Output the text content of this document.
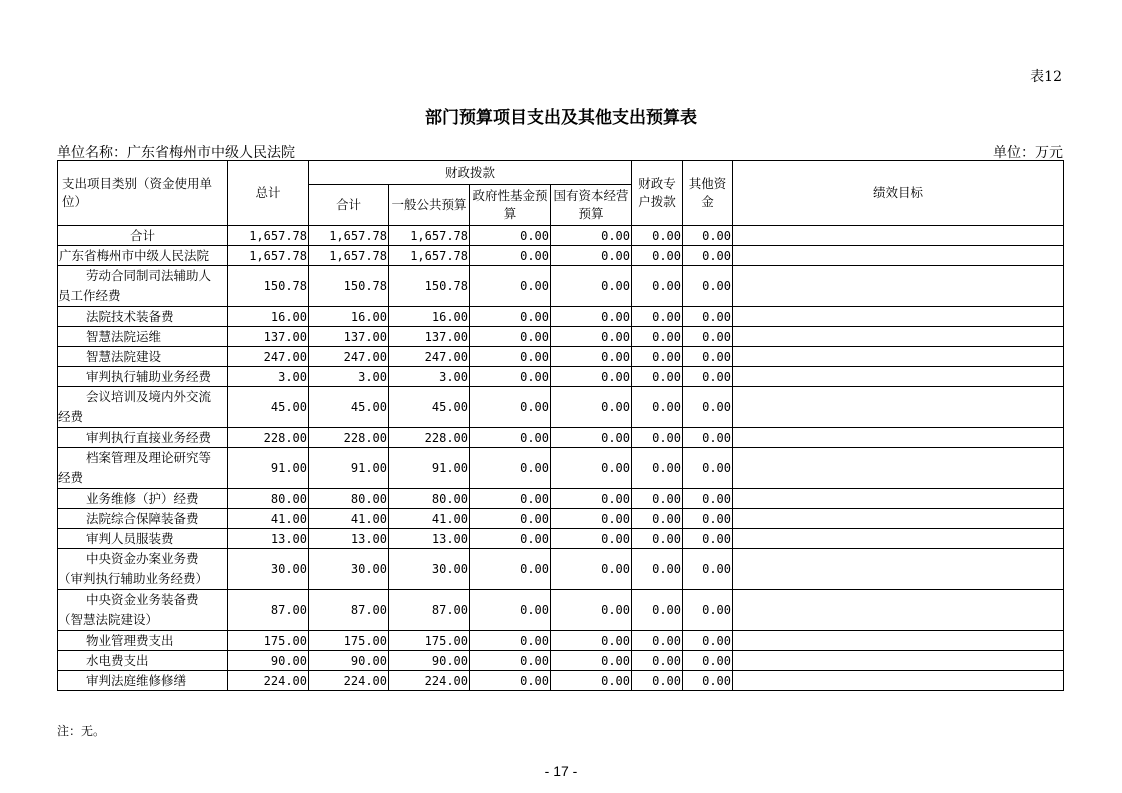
表12
部门预算项目支出及其他支出预算表
单位名称：广东省梅州市中级人民法院	单位：万元
支出项目类别（资金使用单位）	总计	财政拨款				财政专户拨款	其他资金	绩效目标
		合计	一般公共预算	政府性基金预算	国有资本经营预算			
合计	1,657.78	1,657.78	1,657.78	0.00	0.00	0.00	0.00	
广东省梅州市中级人民法院	1,657.78	1,657.78	1,657.78	0.00	0.00	0.00	0.00	

劳动合同制司法辅助人
员工作经费	150.78	150.78	150.78	0.00	0.00	0.00	0.00	
法院技术装备费	16.00	16.00	16.00	0.00	0.00	0.00	0.00	
智慧法院运维	137.00	137.00	137.00	0.00	0.00	0.00	0.00	
智慧法院建设	247.00	247.00	247.00	0.00	0.00	0.00	0.00	
审判执行辅助业务经费	3.00	3.00	3.00	0.00	0.00	0.00	0.00	

会议培训及境内外交流
经费	45.00	45.00	45.00	0.00	0.00	0.00	0.00	
审判执行直接业务经费	228.00	228.00	228.00	0.00	0.00	0.00	0.00	

档案管理及理论研究等
经费	91.00	91.00	91.00	0.00	0.00	0.00	0.00	
业务维修（护）经费	80.00	80.00	80.00	0.00	0.00	0.00	0.00	
法院综合保障装备费	41.00	41.00	41.00	0.00	0.00	0.00	0.00	
审判人员服装费	13.00	13.00	13.00	0.00	0.00	0.00	0.00	

中央资金办案业务费
（审判执行辅助业务经费）	30.00	30.00	30.00	0.00	0.00	0.00	0.00	

中央资金业务装备费
（智慧法院建设）	87.00	87.00	87.00	0.00	0.00	0.00	0.00	
物业管理费支出	175.00	175.00	175.00	0.00	0.00	0.00	0.00	
水电费支出	90.00	90.00	90.00	0.00	0.00	0.00	0.00	
审判法庭维修修缮	224.00	224.00	224.00	0.00	0.00	0.00	0.00	
注：无。
- 17 -
